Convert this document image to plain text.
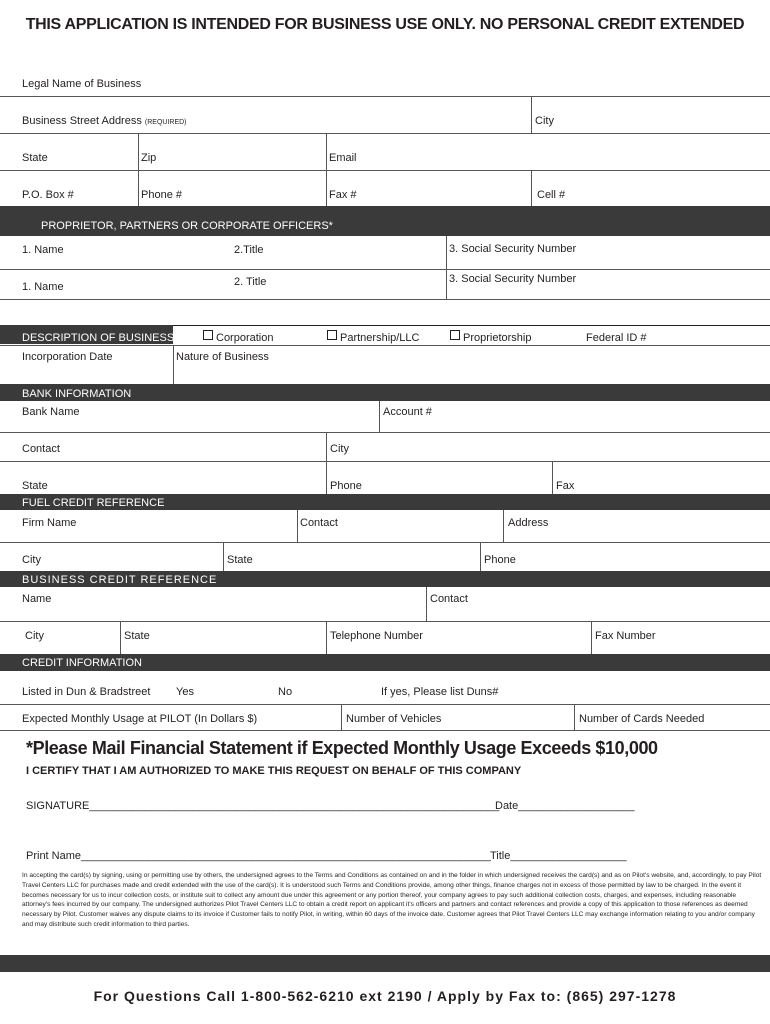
THIS APPLICATION IS INTENDED FOR BUSINESS USE ONLY. NO PERSONAL CREDIT EXTENDED
Legal Name of Business
Business Street Address (REQUIRED)	City
State	Zip	Email
P.O. Box #	Phone #	Fax #	Cell #
PROPRIETOR, PARTNERS OR CORPORATE OFFICERS*
1. Name	2.Title	3. Social Security Number
1. Name	2. Title	3. Social Security Number
DESCRIPTION OF BUSINESS	Corporation	Partnership/LLC	Proprietorship	Federal ID #
Incorporation Date	Nature of Business
BANK INFORMATION
Bank Name	Account #
Contact	City
State	Phone	Fax
FUEL CREDIT REFERENCE
Firm Name	Contact	Address
City	State	Phone
BUSINESS CREDIT REFERENCE
Name	Contact
City	State	Telephone Number	Fax Number
CREDIT INFORMATION
Listed in Dun & Bradstreet Yes	No	If yes, Please list Duns#
Expected Monthly Usage at PILOT (In Dollars $)	Number of Vehicles	Number of Cards Needed
*Please Mail Financial Statement if Expected Monthly Usage Exceeds $10,000
I CERTIFY THAT I AM AUTHORIZED TO MAKE THIS REQUEST ON BEHALF OF THIS COMPANY
SIGNATURE___________________________________________________________________
Date___________________
Print Name___________________________________________________________________ Title___________________
In accepting the card(s) by signing, using or permitting use by others, the undersigned agrees to the Terms and Conditions as contained on and in the folder in which undersigned receives the card(s) and as on Pilot's website, and, accordingly, to pay Pilot Travel Centers LLC for purchases made and credit extended with the use of the card(s). It is understood such Terms and Conditions provide, among other things, finance charges not in excess of those permitted by law to be charged. In the event it becomes necessary for us to incur collection costs, or institute suit to collect any amount due under this agreement or any portion thereof, your company agrees to pay such additional collection costs, charges, and expenses, including reasonable attorney's fees incurred by our company. The undersigned authorizes Pilot Travel Centers LLC to obtain a credit report on applicant it's officers and partners and contact references and provide a copy of this application to those references as deemed necessary by Pilot. Customer waives any dispute claims to its invoice if Customer fails to notify Pilot, in writing, within 60 days of the invoice date. Customer agrees that Pilot Travel Centers LLC may exchange information relating to you and/or company and may distribute such credit information to third parties.
For Questions Call 1-800-562-6210 ext 2190 / Apply by Fax to: (865) 297-1278
